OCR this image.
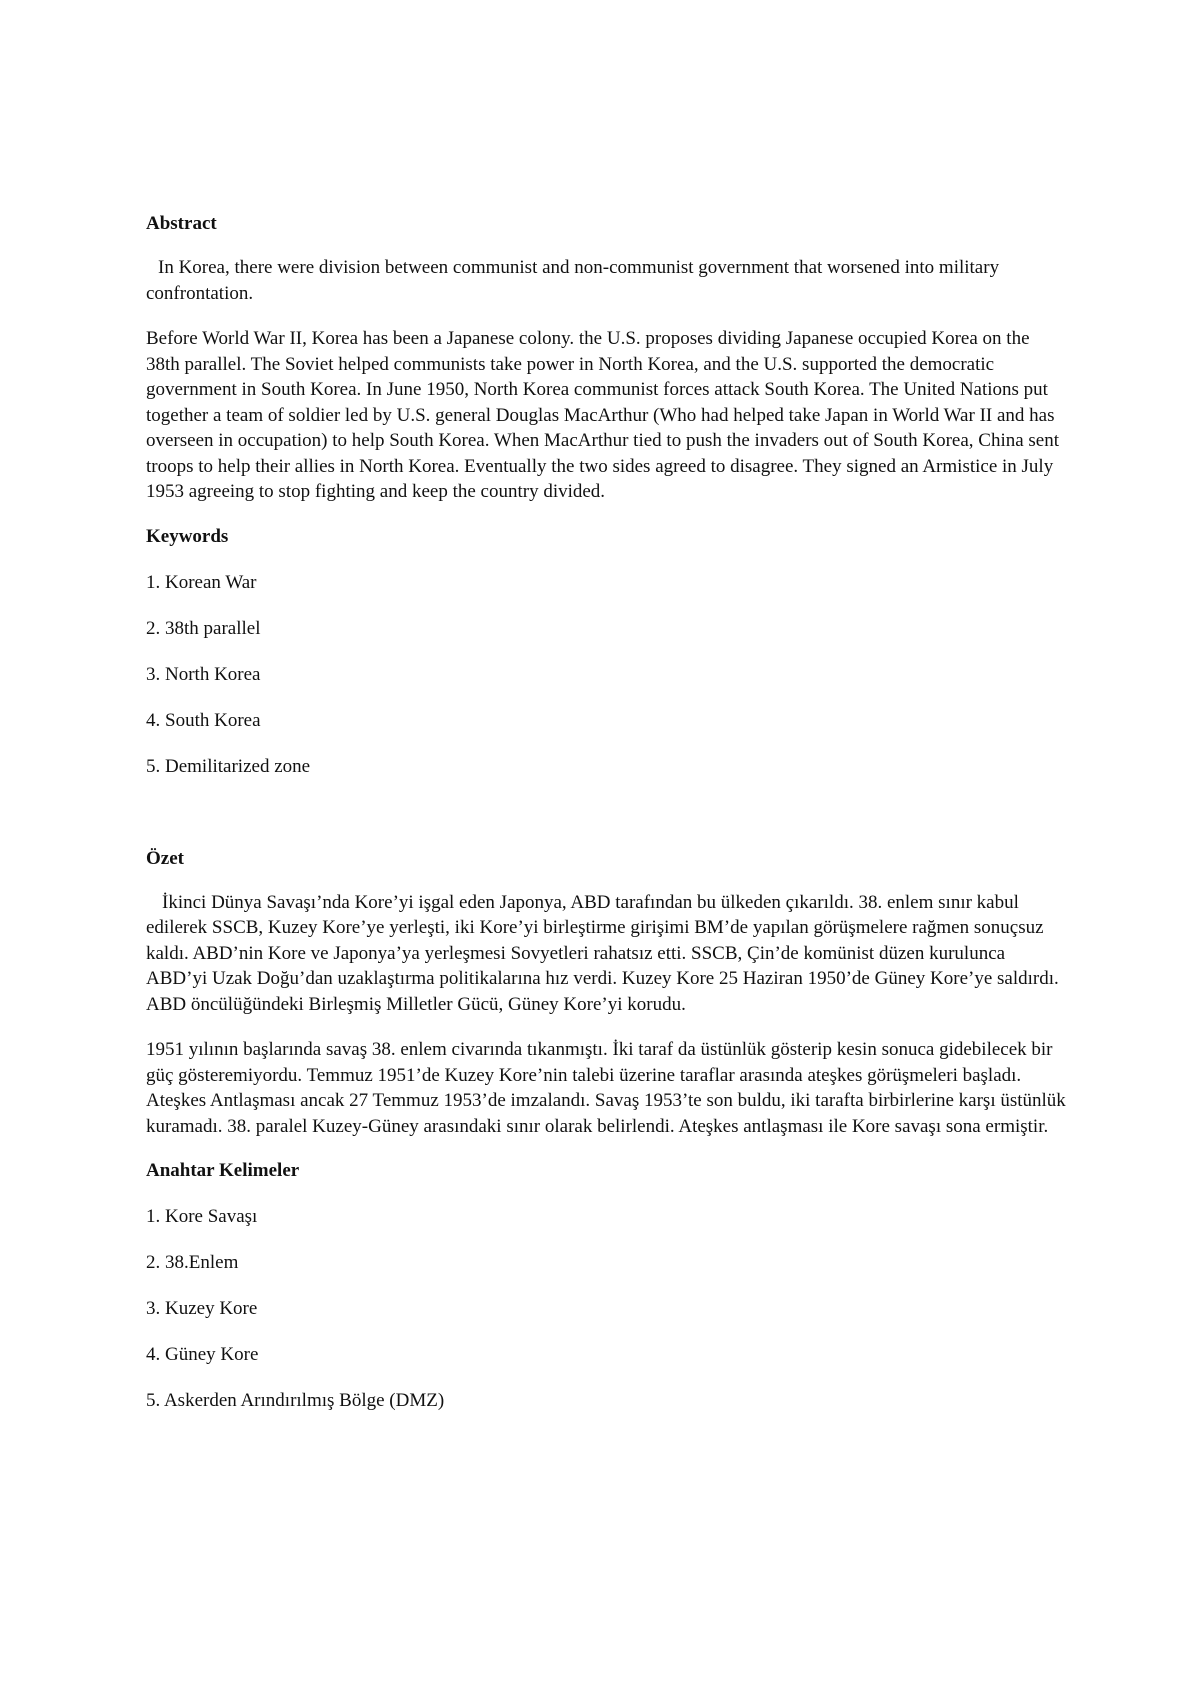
Abstract

In Korea, there were division between communist and non-communist government that worsened into military confrontation.

Before World War II, Korea has been a Japanese colony. the U.S. proposes dividing Japanese occupied Korea on the 38th parallel. The Soviet helped communists take power in North Korea, and the U.S. supported the democratic government in South Korea. In June 1950, North Korea communist forces attack South Korea. The United Nations put together a team of soldier led by U.S. general Douglas MacArthur (Who had helped take Japan in World War II and has overseen in occupation) to help South Korea. When MacArthur tied to push the invaders out of South Korea, China sent troops to help their allies in North Korea. Eventually the two sides agreed to disagree. They signed an Armistice in July 1953 agreeing to stop fighting and keep the country divided.

Keywords
1. Korean War
2. 38th parallel
3. North Korea
4. South Korea
5. Demilitarized zone
Özet

İkinci Dünya Savaşı’nda Kore’yi işgal eden Japonya, ABD tarafından bu ülkeden çıkarıldı. 38. enlem sınır kabul edilerek SSCB, Kuzey Kore’ye yerleşti, iki Kore’yi birleştirme girişimi BM’de yapılan görüşmelere rağmen sonuçsuz kaldı. ABD’nin Kore ve Japonya’ya yerleşmesi Sovyetleri rahatsız etti. SSCB, Çin’de komünist düzen kurulunca ABD’yi Uzak Doğu’dan uzaklaştırma politikalarına hız verdi. Kuzey Kore 25 Haziran 1950’de Güney Kore’ye saldırdı. ABD öncülüğündeki Birleşmiş Milletler Gücü, Güney Kore’yi korudu.

1951 yılının başlarında savaş 38. enlem civarında tıkanmıştı. İki taraf da üstünlük gösterip kesin sonuca gidebilecek bir güç gösteremiyordu. Temmuz 1951’de Kuzey Kore’nin talebi üzerine taraflar arasında ateşkes görüşmeleri başladı. Ateşkes Antlaşması ancak 27 Temmuz 1953’de imzalandı. Savaş 1953’te son buldu, iki tarafta birbirlerine karşı üstünlük kuramadı. 38. paralel Kuzey-Güney arasındaki sınır olarak belirlendi. Ateşkes antlaşması ile Kore savaşı sona ermiştir.

Anahtar Kelimeler
1. Kore Savaşı
2. 38.Enlem
3. Kuzey Kore
4. Güney Kore
5. Askerden Arındırılmış Bölge (DMZ)
